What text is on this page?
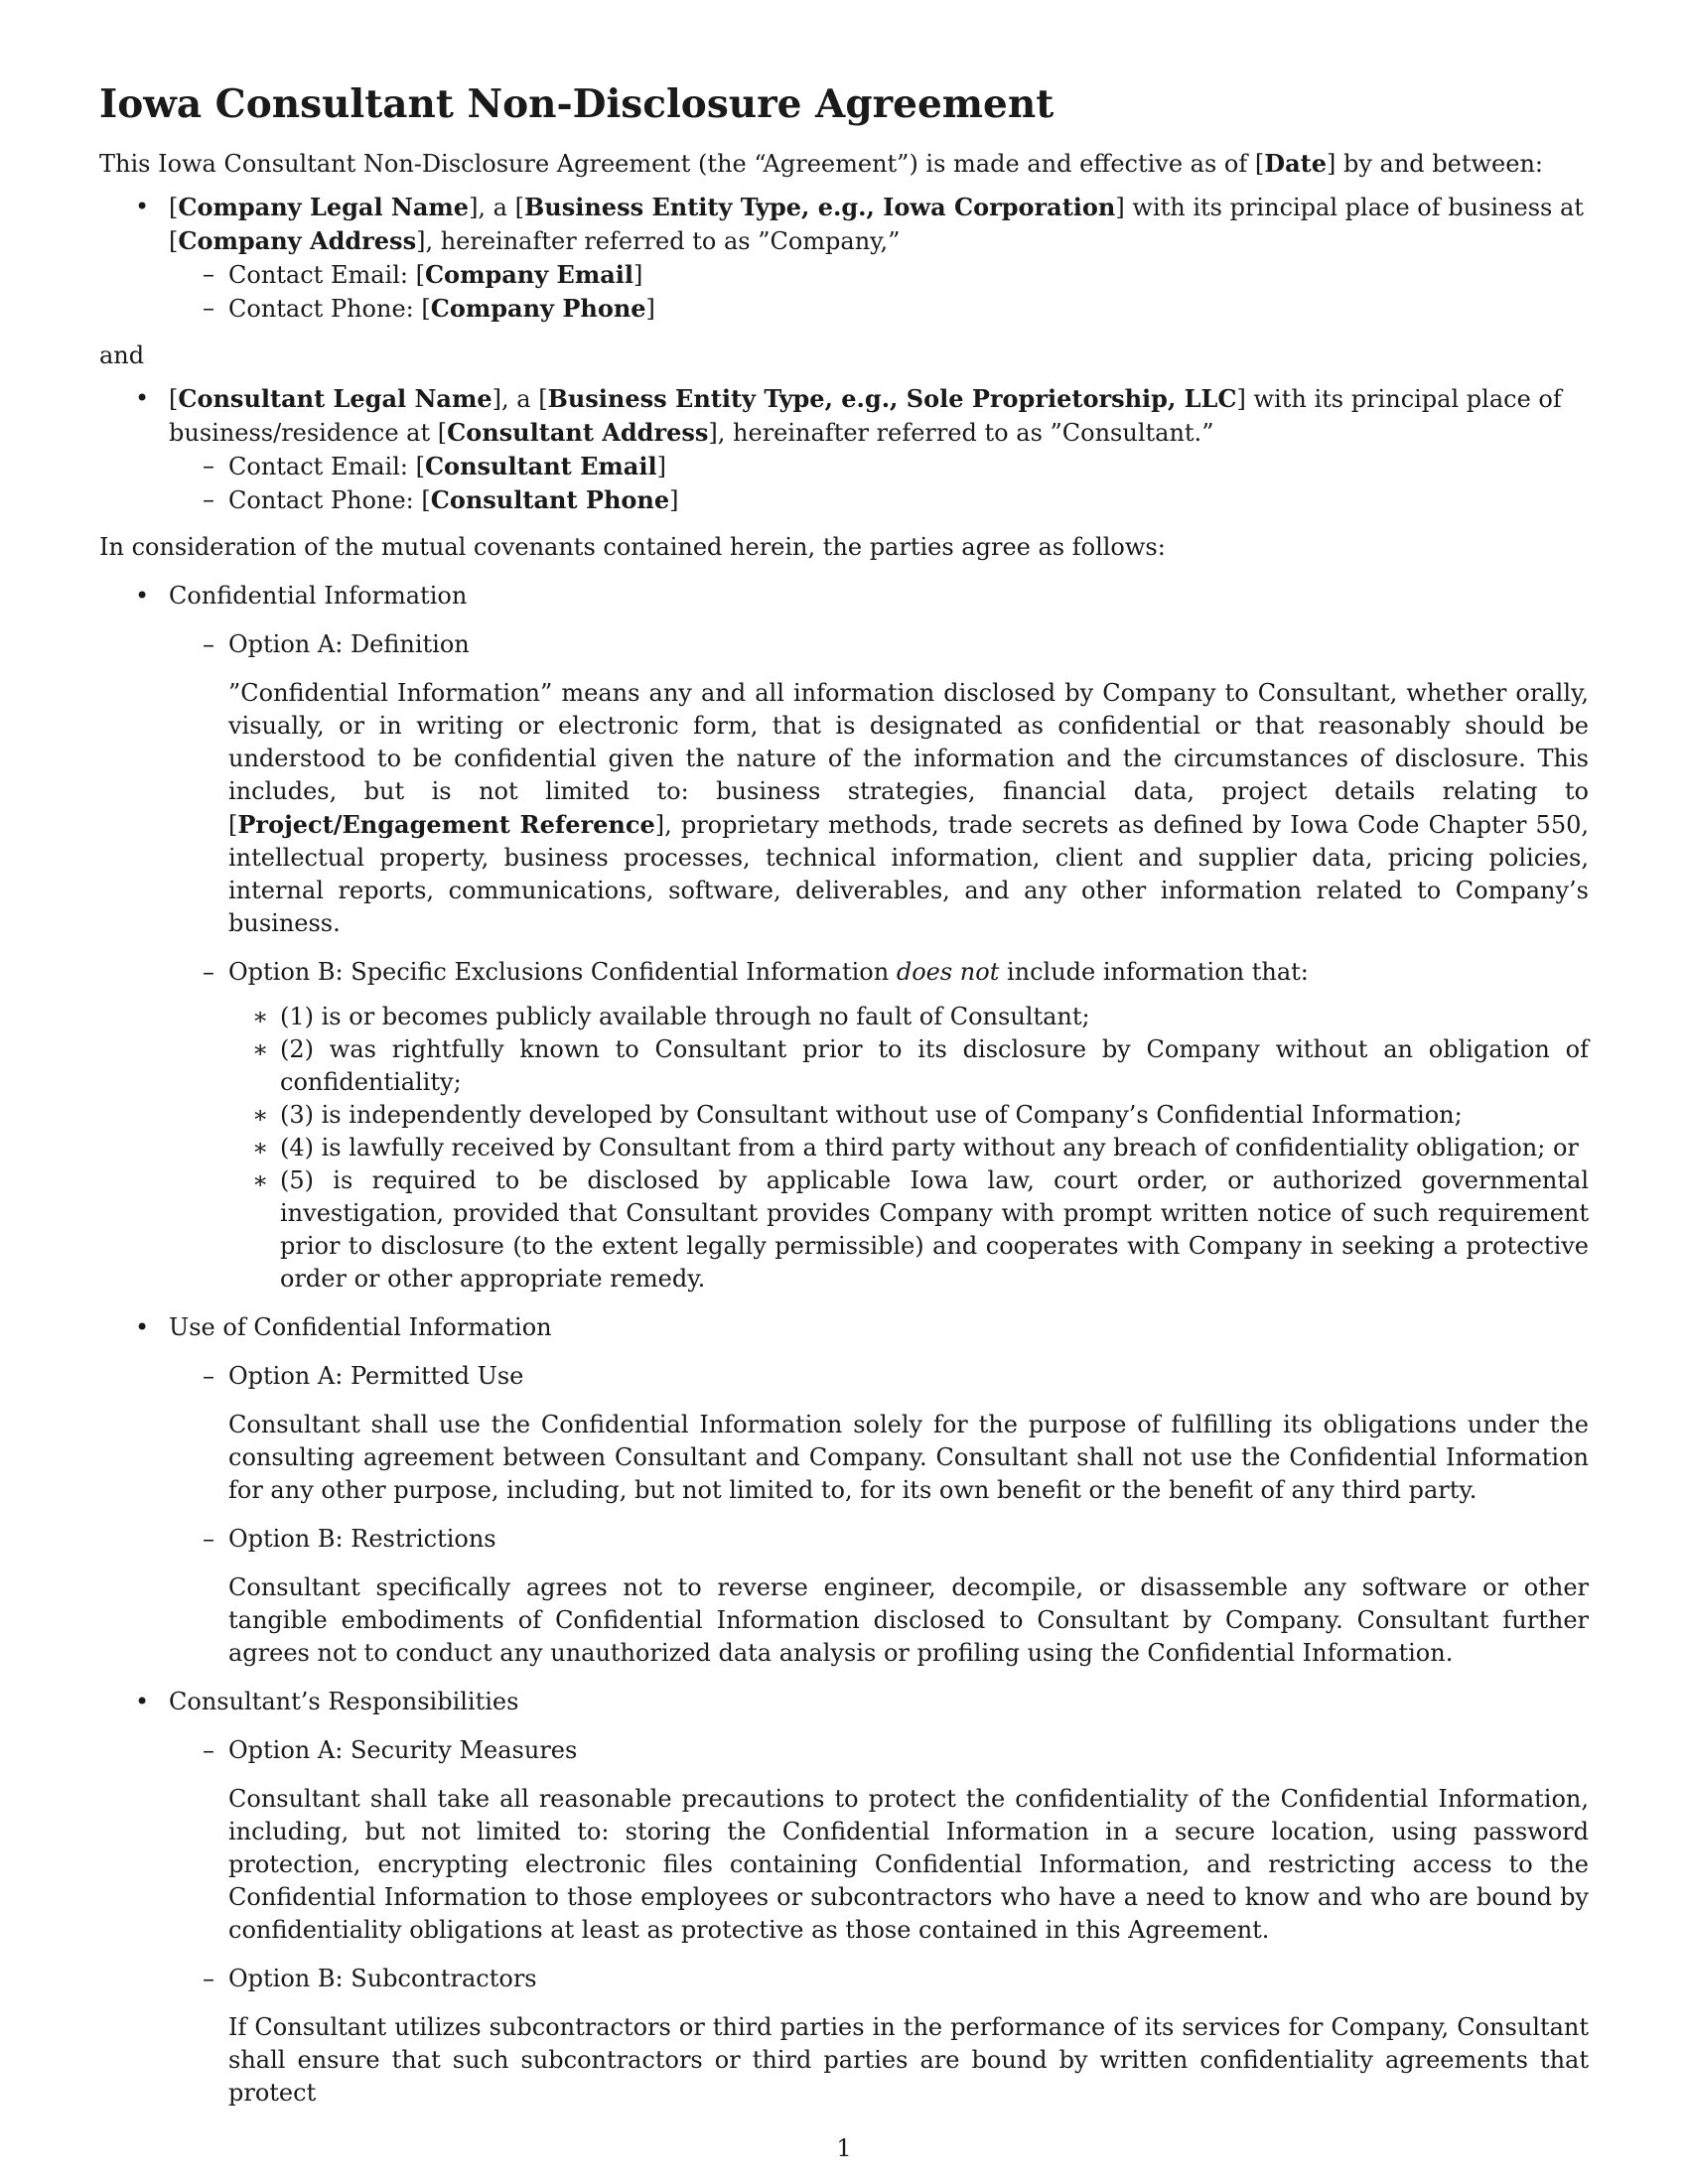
Iowa Consultant Non-Disclosure Agreement

This Iowa Consultant Non-Disclosure Agreement (the “Agreement”) is made and effective as of [Date] by and between:

• [Company Legal Name], a [Business Entity Type, e.g., Iowa Corporation] with its principal place of business at [Company Address], hereinafter referred to as ”Company,”
– Contact Email: [Company Email]
– Contact Phone: [Company Phone]

and

• [Consultant Legal Name], a [Business Entity Type, e.g., Sole Proprietorship, LLC] with its principal place of business/residence at [Consultant Address], hereinafter referred to as ”Consultant.”
– Contact Email: [Consultant Email]
– Contact Phone: [Consultant Phone]

In consideration of the mutual covenants contained herein, the parties agree as follows:

• Confidential Information
– Option A: Definition

”Confidential Information” means any and all information disclosed by Company to Consultant, whether orally, visually, or in writing or electronic form, that is designated as confidential or that reasonably should be understood to be confidential given the nature of the information and the circumstances of disclosure. This includes, but is not limited to: business strategies, financial data, project details relating to [Project/Engagement Reference], proprietary methods, trade secrets as defined by Iowa Code Chapter 550, intellectual property, business processes, technical information, client and supplier data, pricing policies, internal reports, communications, software, deliverables, and any other information related to Company’s business.

– Option B: Specific Exclusions Confidential Information does not include information that:
∗ (1) is or becomes publicly available through no fault of Consultant;
∗ (2) was rightfully known to Consultant prior to its disclosure by Company without an obligation of confidentiality;
∗ (3) is independently developed by Consultant without use of Company’s Confidential Information;
∗ (4) is lawfully received by Consultant from a third party without any breach of confidentiality obligation; or
∗ (5) is required to be disclosed by applicable Iowa law, court order, or authorized governmental investigation, provided that Consultant provides Company with prompt written notice of such requirement prior to disclosure (to the extent legally permissible) and cooperates with Company in seeking a protective order or other appropriate remedy.
• Use of Confidential Information
– Option A: Permitted Use

Consultant shall use the Confidential Information solely for the purpose of fulfilling its obligations under the consulting agreement between Consultant and Company. Consultant shall not use the Confidential Information for any other purpose, including, but not limited to, for its own benefit or the benefit of any third party.

– Option B: Restrictions

Consultant specifically agrees not to reverse engineer, decompile, or disassemble any software or other tangible embodiments of Confidential Information disclosed to Consultant by Company. Consultant further agrees not to conduct any unauthorized data analysis or profiling using the Confidential Information.

• Consultant’s Responsibilities
– Option A: Security Measures

Consultant shall take all reasonable precautions to protect the confidentiality of the Confidential Information, including, but not limited to: storing the Confidential Information in a secure location, using password protection, encrypting electronic files containing Confidential Information, and restricting access to the Confidential Information to those employees or subcontractors who have a need to know and who are bound by confidentiality obligations at least as protective as those contained in this Agreement.

– Option B: Subcontractors

If Consultant utilizes subcontractors or third parties in the performance of its services for Company, Consultant shall ensure that such subcontractors or third parties are bound by written confidentiality agreements that protect

1
